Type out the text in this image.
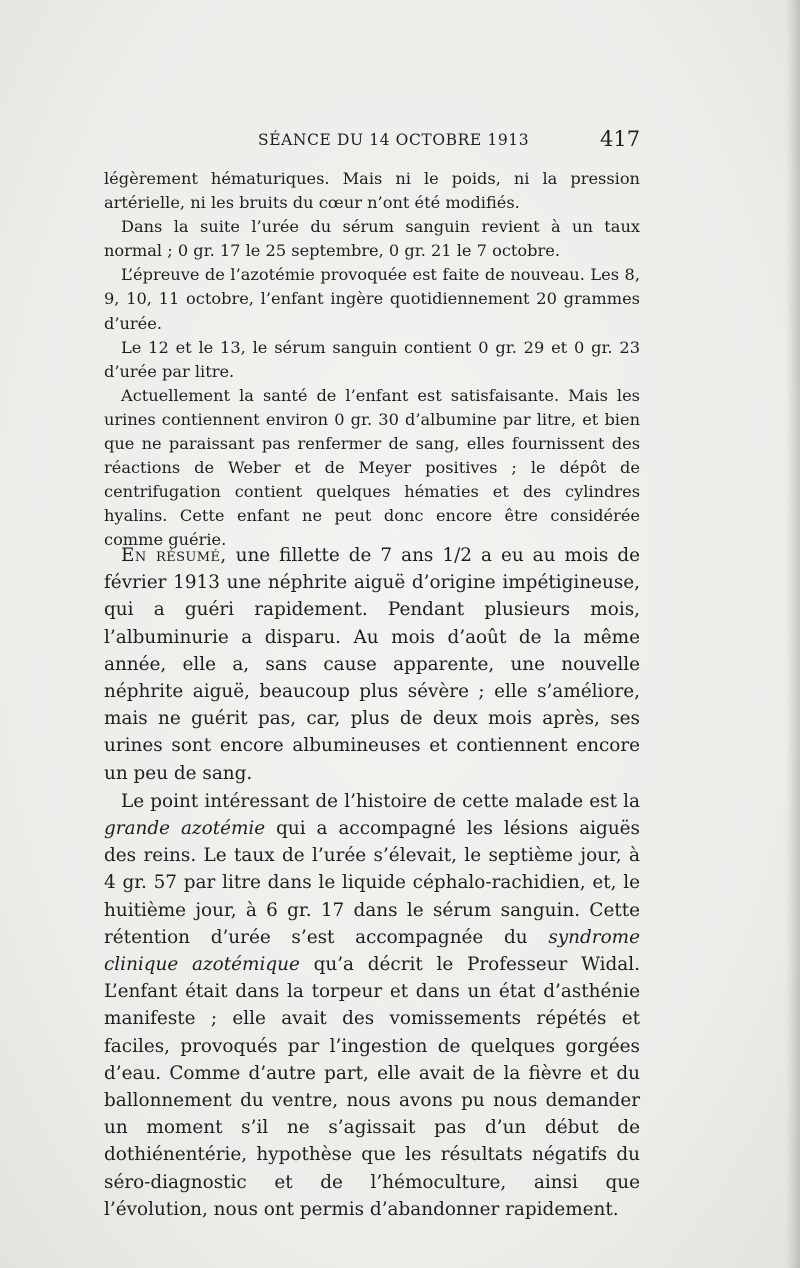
SÉANCE DU 14 OCTOBRE 1913	417

légèrement hématuriques. Mais ni le poids, ni la pression artérielle, ni les bruits du cœur n’ont été modifiés.

Dans la suite l’urée du sérum sanguin revient à un taux normal ; 0 gr. 17 le 25 septembre, 0 gr. 21 le 7 octobre.

L’épreuve de l’azotémie provoquée est faite de nouveau. Les 8, 9, 10, 11 octobre, l’enfant ingère quotidiennement 20 grammes d’urée.

Le 12 et le 13, le sérum sanguin contient 0 gr. 29 et 0 gr. 23 d’urée par litre.

Actuellement la santé de l’enfant est satisfaisante. Mais les urines contiennent environ 0 gr. 30 d’albumine par litre, et bien que ne paraissant pas renfermer de sang, elles fournissent des réactions de Weber et de Meyer positives ; le dépôt de centrifugation contient quelques hématies et des cylindres hyalins. Cette enfant ne peut donc encore être considérée comme guérie.

En résumé, une fillette de 7 ans 1/2 a eu au mois de février 1913 une néphrite aiguë d’origine impétigineuse, qui a guéri rapidement. Pendant plusieurs mois, l’albuminurie a disparu. Au mois d’août de la même année, elle a, sans cause apparente, une nouvelle néphrite aiguë, beaucoup plus sévère ; elle s’améliore, mais ne guérit pas, car, plus de deux mois après, ses urines sont encore albumineuses et contiennent encore un peu de sang.

Le point intéressant de l’histoire de cette malade est la grande azotémie qui a accompagné les lésions aiguës des reins. Le taux de l’urée s’élevait, le septième jour, à 4 gr. 57 par litre dans le liquide céphalo-rachidien, et, le huitième jour, à 6 gr. 17 dans le sérum sanguin. Cette rétention d’urée s’est accompagnée du syndrome clinique azotémique qu’a décrit le Professeur Widal. L’enfant était dans la torpeur et dans un état d’asthénie manifeste ; elle avait des vomissements répétés et faciles, provoqués par l’ingestion de quelques gorgées d’eau. Comme d’autre part, elle avait de la fièvre et du ballonnement du ventre, nous avons pu nous demander un moment s’il ne s’agissait pas d’un début de dothiénentérie, hypothèse que les résultats négatifs du séro-diagnostic et de l’hémoculture, ainsi que l’évolution, nous ont permis d’abandonner rapidement.
